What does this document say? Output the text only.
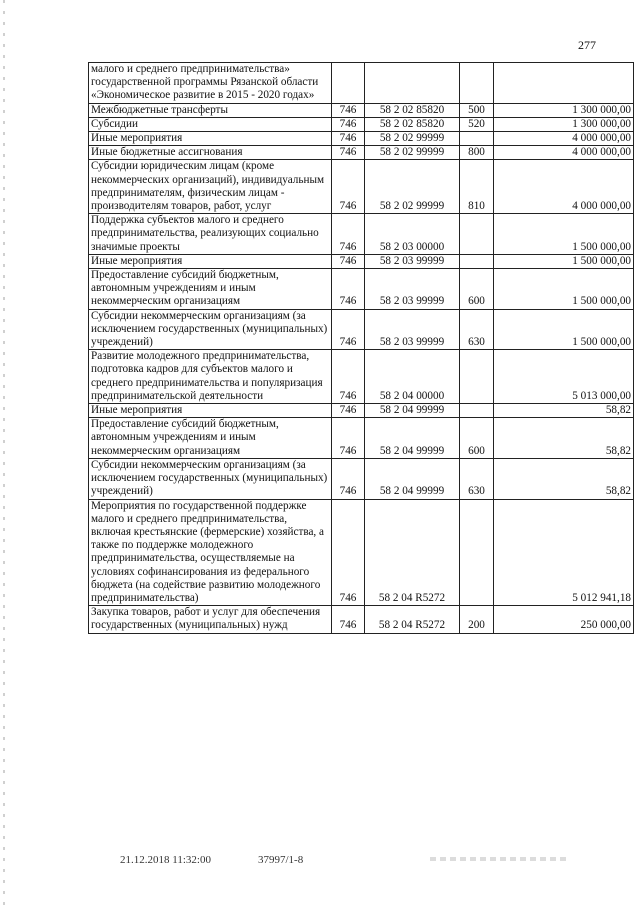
277
малого и среднего предпринимательства» государственной программы Рязанской области «Экономическое развитие в 2015 - 2020 годах»				
Межбюджетные трансферты	746	58 2 02 85820	500	1 300 000,00
Субсидии	746	58 2 02 85820	520	1 300 000,00
Иные мероприятия	746	58 2 02 99999		4 000 000,00
Иные бюджетные ассигнования	746	58 2 02 99999	800	4 000 000,00
Субсидии юридическим лицам (кроме некоммерческих организаций), индивидуальным предпринимателям, физическим лицам - производителям товаров, работ, услуг	746	58 2 02 99999	810	4 000 000,00
Поддержка субъектов малого и среднего предпринимательства, реализующих социально значимые проекты	746	58 2 03 00000		1 500 000,00
Иные мероприятия	746	58 2 03 99999		1 500 000,00
Предоставление субсидий бюджетным, автономным учреждениям и иным некоммерческим организациям	746	58 2 03 99999	600	1 500 000,00
Субсидии некоммерческим организациям (за исключением государственных (муниципальных) учреждений)	746	58 2 03 99999	630	1 500 000,00
Развитие молодежного предпринимательства, подготовка кадров для субъектов малого и среднего предпринимательства и популяризация предпринимательской деятельности	746	58 2 04 00000		5 013 000,00
Иные мероприятия	746	58 2 04 99999		58,82
Предоставление субсидий бюджетным, автономным учреждениям и иным некоммерческим организациям	746	58 2 04 99999	600	58,82
Субсидии некоммерческим организациям (за исключением государственных (муниципальных) учреждений)	746	58 2 04 99999	630	58,82
Мероприятия по государственной поддержке малого и среднего предпринимательства, включая крестьянские (фермерские) хозяйства, а также по поддержке молодежного предпринимательства, осуществляемые на условиях софинансирования из федерального бюджета (на содействие развитию молодежного предпринимательства)	746	58 2 04 R5272		5 012 941,18
Закупка товаров, работ и услуг для обеспечения государственных (муниципальных) нужд	746	58 2 04 R5272	200	250 000,00
21.12.2018 11:32:00	37997/1-8
